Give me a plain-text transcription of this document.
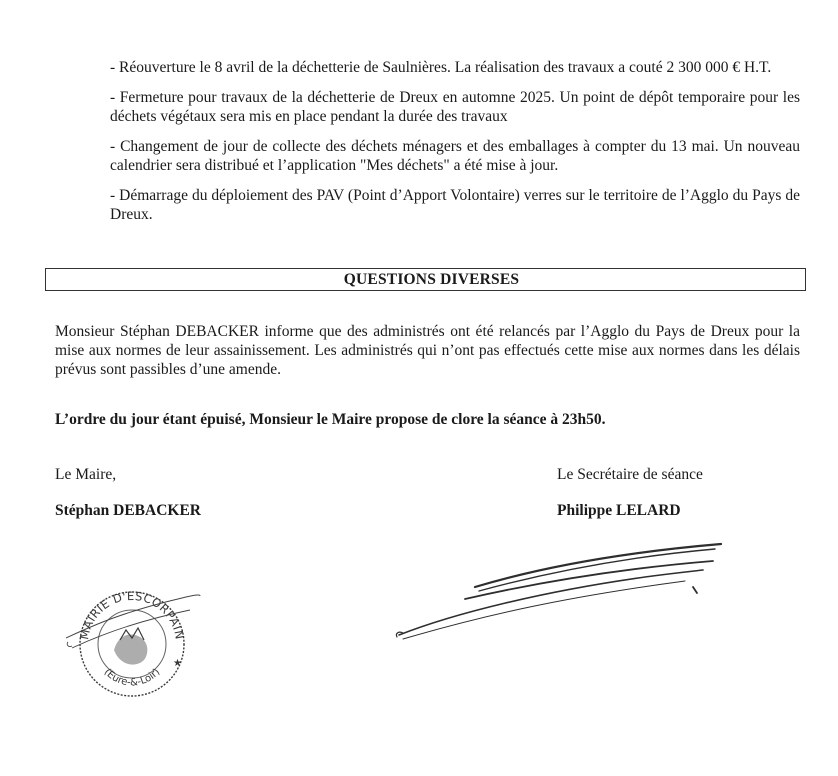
- Réouverture le 8 avril de la déchetterie de Saulnières. La réalisation des travaux a couté 2 300 000 € H.T.

- Fermeture pour travaux de la déchetterie de Dreux en automne 2025. Un point de dépôt temporaire pour les déchets végétaux sera mis en place pendant la durée des travaux

- Changement de jour de collecte des déchets ménagers et des emballages à compter du 13 mai. Un nouveau calendrier sera distribué et l’application "Mes déchets" a été mise à jour.

- Démarrage du déploiement des PAV (Point d’Apport Volontaire) verres sur le territoire de l’Agglo du Pays de Dreux.

QUESTIONS DIVERSES

Monsieur Stéphan DEBACKER informe que des administrés ont été relancés par l’Agglo du Pays de Dreux pour la mise aux normes de leur assainissement. Les administrés qui n’ont pas effectués cette mise aux normes dans les délais prévus sont passibles d’une amende.

L’ordre du jour étant épuisé, Monsieur le Maire propose de clore la séance à 23h50.

Le Maire,
Stéphan DEBACKER
Le Secrétaire de séance
Philippe LELARD
MAIRIE D'ESCORPAIN
(Eure-&-Loir)
★
